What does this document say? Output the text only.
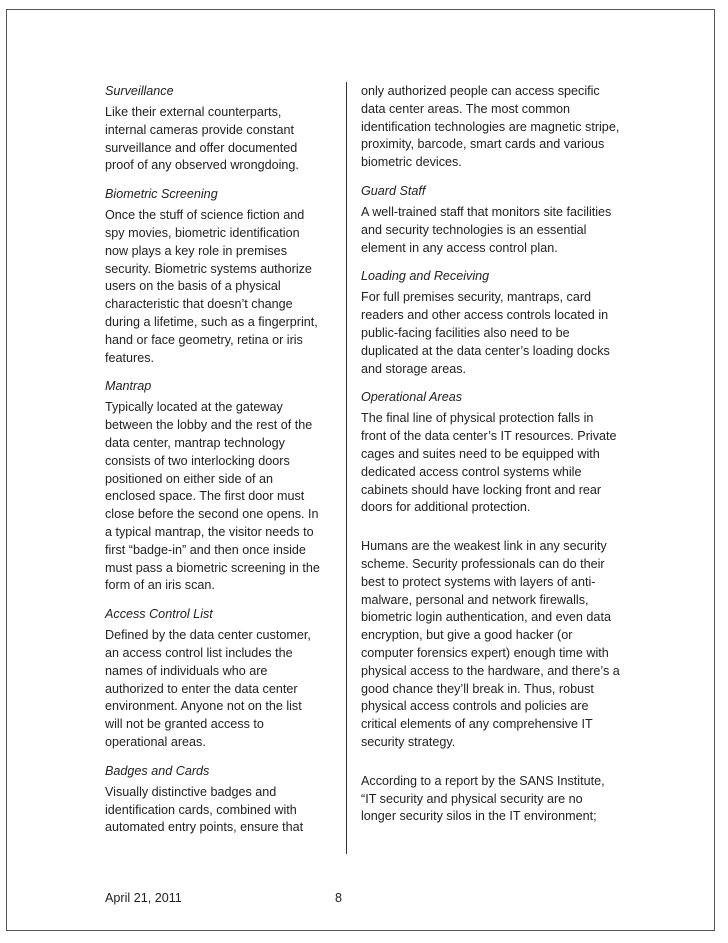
Surveillance

Like their external counterparts, internal cameras provide constant surveillance and offer documented proof of any observed wrongdoing.

Biometric Screening

Once the stuff of science fiction and spy movies, biometric identification now plays a key role in premises security. Biometric systems authorize users on the basis of a physical characteristic that doesn’t change during a lifetime, such as a fingerprint, hand or face geometry, retina or iris features.

Mantrap

Typically located at the gateway between the lobby and the rest of the data center, mantrap technology consists of two interlocking doors positioned on either side of an enclosed space. The first door must close before the second one opens. In a typical mantrap, the visitor needs to first “badge-in” and then once inside must pass a biometric screening in the form of an iris scan.

Access Control List

Defined by the data center customer, an access control list includes the names of individuals who are authorized to enter the data center environment. Anyone not on the list will not be granted access to operational areas.

Badges and Cards

Visually distinctive badges and identification cards, combined with automated entry points, ensure that

only authorized people can access specific data center areas. The most common identification technologies are magnetic stripe, proximity, barcode, smart cards and various biometric devices.

Guard Staff

A well-trained staff that monitors site facilities and security technologies is an essential element in any access control plan.

Loading and Receiving

For full premises security, mantraps, card readers and other access controls located in public-facing facilities also need to be duplicated at the data center’s loading docks and storage areas.

Operational Areas

The final line of physical protection falls in front of the data center’s IT resources. Private cages and suites need to be equipped with dedicated access control systems while cabinets should have locking front and rear doors for additional protection.

Humans are the weakest link in any security scheme. Security professionals can do their best to protect systems with layers of anti-malware, personal and network firewalls, biometric login authentication, and even data encryption, but give a good hacker (or computer forensics expert) enough time with physical access to the hardware, and there’s a good chance they’ll break in. Thus, robust physical access controls and policies are critical elements of any comprehensive IT security strategy.

According to a report by the SANS Institute, “IT security and physical security are no longer security silos in the IT environment;

April 21, 2011	8
